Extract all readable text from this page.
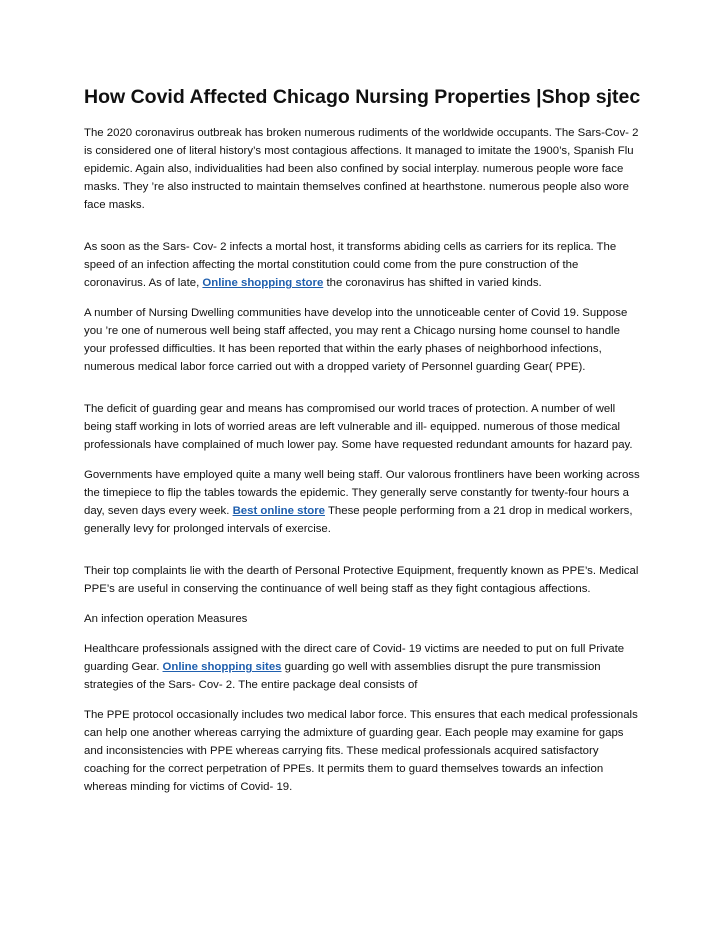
How Covid Affected Chicago Nursing Properties |Shop sjtec

The 2020 coronavirus outbreak has broken numerous rudiments of the worldwide occupants. The Sars-Cov- 2 is considered one of literal history’s most contagious affections. It managed to imitate the 1900’s, Spanish Flu epidemic. Again also, individualities had been also confined by social interplay. numerous people wore face masks. They ’re also instructed to maintain themselves confined at hearthstone. numerous people also wore face masks.

As soon as the Sars- Cov- 2 infects a mortal host, it transforms abiding cells as carriers for its replica. The speed of an infection affecting the mortal constitution could come from the pure construction of the coronavirus. As of late, Online shopping store the coronavirus has shifted in varied kinds.

A number of Nursing Dwelling communities have develop into the unnoticeable center of Covid 19. Suppose you ’re one of numerous well being staff affected, you may rent a Chicago nursing home counsel to handle your professed difficulties. It has been reported that within the early phases of neighborhood infections, numerous medical labor force carried out with a dropped variety of Personnel guarding Gear( PPE).

The deficit of guarding gear and means has compromised our world traces of protection. A number of well being staff working in lots of worried areas are left vulnerable and ill- equipped. numerous of those medical professionals have complained of much lower pay. Some have requested redundant amounts for hazard pay.

Governments have employed quite a many well being staff. Our valorous frontliners have been working across the timepiece to flip the tables towards the epidemic. They generally serve constantly for twenty-four hours a day, seven days every week. Best online store These people performing from a 21 drop in medical workers, generally levy for prolonged intervals of exercise.

Their top complaints lie with the dearth of Personal Protective Equipment, frequently known as PPE’s. Medical PPE’s are useful in conserving the continuance of well being staff as they fight contagious affections.

An infection operation Measures

Healthcare professionals assigned with the direct care of Covid- 19 victims are needed to put on full Private guarding Gear. Online shopping sites guarding go well with assemblies disrupt the pure transmission strategies of the Sars- Cov- 2. The entire package deal consists of

The PPE protocol occasionally includes two medical labor force. This ensures that each medical professionals can help one another whereas carrying the admixture of guarding gear. Each people may examine for gaps and inconsistencies with PPE whereas carrying fits. These medical professionals acquired satisfactory coaching for the correct perpetration of PPEs. It permits them to guard themselves towards an infection whereas minding for victims of Covid- 19.
